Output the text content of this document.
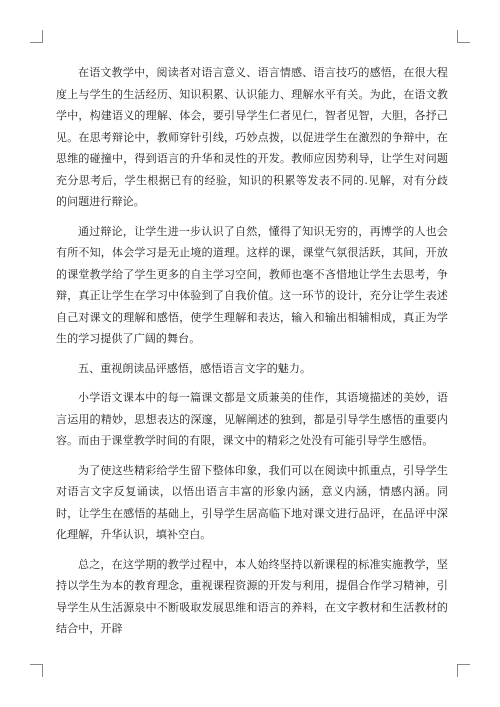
在语文教学中，阅读者对语言意义、语言情感、语言技巧的感悟，在很大程度上与学生的生活经历、知识积累、认识能力、理解水平有关。为此，在语文教学中，构建语义的理解、体会，要引导学生仁者见仁，智者见智，大胆，各抒己见。在思考辩论中，教师穿针引线，巧妙点拨，以促进学生在激烈的争辩中，在思维的碰撞中，得到语言的升华和灵性的开发。教师应因势利导，让学生对问题充分思考后，学生根据已有的经验，知识的积累等发表不同的.见解，对有分歧的问题进行辩论。

通过辩论，让学生进一步认识了自然，懂得了知识无穷的，再博学的人也会有所不知，体会学习是无止境的道理。这样的课，课堂气氛很活跃，其间，开放的课堂教学给了学生更多的自主学习空间，教师也毫不吝惜地让学生去思考，争辩，真正让学生在学习中体验到了自我价值。这一环节的设计，充分让学生表述自己对课文的理解和感悟，使学生理解和表达，输入和输出相辅相成，真正为学生的学习提供了广阔的舞台。

五、重视朗读品评感悟，感悟语言文字的魅力。

小学语文课本中的每一篇课文都是文质兼美的佳作，其语境描述的美妙，语言运用的精妙，思想表达的深邃，见解阐述的独到，都是引导学生感悟的重要内容。而由于课堂教学时间的有限，课文中的精彩之处没有可能引导学生感悟。

为了使这些精彩给学生留下整体印象，我们可以在阅读中抓重点，引导学生对语言文字反复诵读，以悟出语言丰富的形象内涵，意义内涵，情感内涵。同时，让学生在感悟的基础上，引导学生居高临下地对课文进行品评，在品评中深化理解，升华认识，填补空白。

总之，在这学期的教学过程中，本人始终坚持以新课程的标准实施教学，坚持以学生为本的教育理念，重视课程资源的开发与利用，提倡合作学习精神，引导学生从生活源泉中不断吸取发展思维和语言的养料，在文字教材和生活教材的结合中，开辟
